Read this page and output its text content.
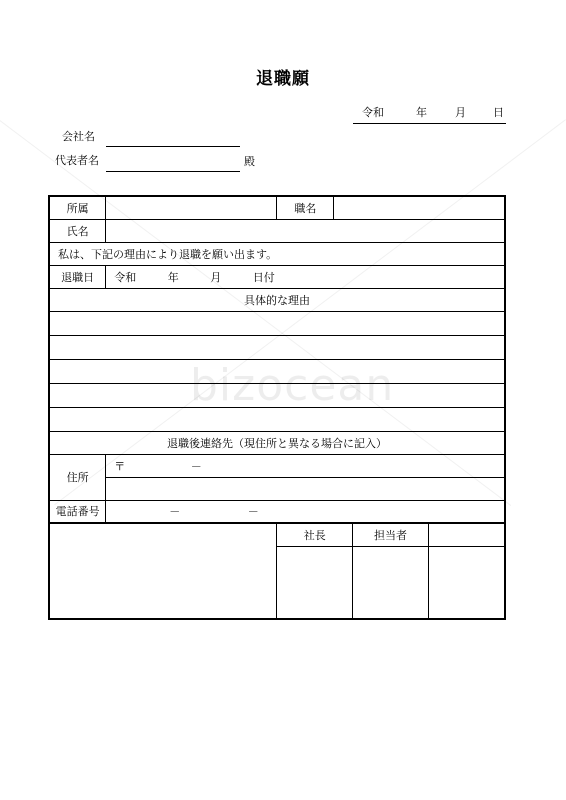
退職願
令和	年	月 日
会社名
代表者名	殿
bizocean
所属		職名	
氏名			
私は、下記の理由により退職を願い出ます。			
退職日	令和 年 月 日付		
具体的な理由			

退職後連絡先（現住所と異なる場合に記入）			
住所	〒 －		

電話番号	－ －		
	社長	担当者	
